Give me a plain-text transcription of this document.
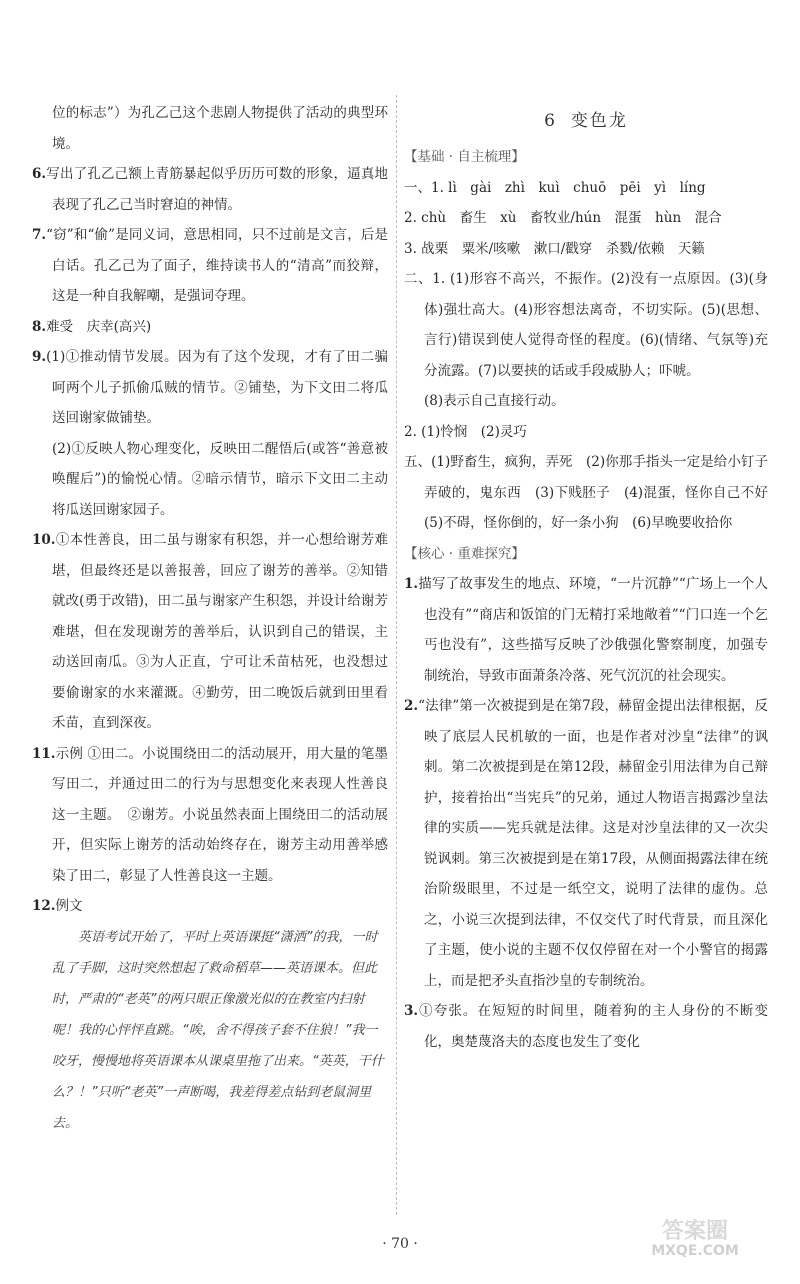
位的标志”）为孔乙己这个悲剧人物提供了活动的典型环境。
6.写出了孔乙己额上青筋暴起似乎历历可数的形象，逼真地表现了孔乙己当时窘迫的神情。
7.“窃”和“偷”是同义词，意思相同，只不过前是文言，后是白话。孔乙己为了面子，维持读书人的“清高”而狡辩，这是一种自我解嘲，是强词夺理。
8.难受　庆幸(高兴)
9.(1)①推动情节发展。因为有了这个发现，才有了田二骗呵两个儿子抓偷瓜贼的情节。②铺垫，为下文田二将瓜送回谢家做铺垫。
(2)①反映人物心理变化，反映田二醒悟后(或答“善意被唤醒后”)的愉悦心情。②暗示情节，暗示下文田二主动将瓜送回谢家园子。
10.①本性善良，田二虽与谢家有积怨，并一心想给谢芳难堪，但最终还是以善报善，回应了谢芳的善举。②知错就改(勇于改错)，田二虽与谢家产生积怨，并设计给谢芳难堪，但在发现谢芳的善举后，认识到自己的错误，主动送回南瓜。③为人正直，宁可让禾苗枯死，也没想过要偷谢家的水来灌溉。④勤劳，田二晚饭后就到田里看禾苗，直到深夜。
11.示例 ①田二。小说围绕田二的活动展开，用大量的笔墨写田二，并通过田二的行为与思想变化来表现人性善良这一主题。　②谢芳。小说虽然表面上围绕田二的活动展开，但实际上谢芳的活动始终存在，谢芳主动用善举感染了田二，彰显了人性善良这一主题。
12.例文
英语考试开始了，平时上英语课挺“潇洒”的我，一时乱了手脚，这时突然想起了救命稻草——英语课本。但此时，严肃的“老英”的两只眼正像激光似的在教室内扫射呢！我的心怦怦直跳。“唉，舍不得孩子套不住狼！”我一咬牙，慢慢地将英语课本从课桌里拖了出来。“英英，干什么？！”只听“老英”一声断喝，我差得差点钻到老鼠洞里去。
6 变色龙
【基础 · 自主梳理】
一、1. lì　gài　zhì　kuì　chuō　pēi　yì　líng
2. chù　畜生　xù　畜牧业/hún　混蛋　hùn　混合
3. 战栗　粟米/咳嗽　漱口/戳穿　杀戮/依赖　天籁
二、1. (1)形容不高兴，不振作。(2)没有一点原因。(3)(身体)强壮高大。(4)形容想法离奇，不切实际。(5)(思想、言行)错误到使人觉得奇怪的程度。(6)(情绪、气氛等)充分流露。(7)以要挟的话或手段威胁人；吓唬。
(8)表示自己直接行动。
2. (1)怜悯　(2)灵巧
五、(1)野畜生，疯狗，弄死　(2)你那手指头一定是给小钉子弄破的，鬼东西　(3)下贱胚子　(4)混蛋，怪你自己不好　(5)不碍，怪你倒的，好一条小狗　(6)早晚要收拾你
【核心 · 重难探究】
1.描写了故事发生的地点、环境，“一片沉静”“广场上一个人也没有”“商店和饭馆的门无精打采地敞着”“门口连一个乞丐也没有”，这些描写反映了沙俄强化警察制度，加强专制统治，导致市面萧条冷落、死气沉沉的社会现实。
2.“法律”第一次被提到是在第7段，赫留金提出法律根据，反映了底层人民机敏的一面，也是作者对沙皇“法律”的讽刺。第二次被提到是在第12段，赫留金引用法律为自己辩护，接着抬出“当宪兵”的兄弟，通过人物语言揭露沙皇法律的实质——宪兵就是法律。这是对沙皇法律的又一次尖锐讽刺。第三次被提到是在第17段，从侧面揭露法律在统治阶级眼里，不过是一纸空文，说明了法律的虚伪。总之，小说三次提到法律，不仅交代了时代背景，而且深化了主题，使小说的主题不仅仅停留在对一个小警官的揭露上，而是把矛头直指沙皇的专制统治。
3.①夸张。在短短的时间里，随着狗的主人身份的不断变化，奥楚蔑洛夫的态度也发生了变化
· 70 ·	答案圈
MXQE.COM
